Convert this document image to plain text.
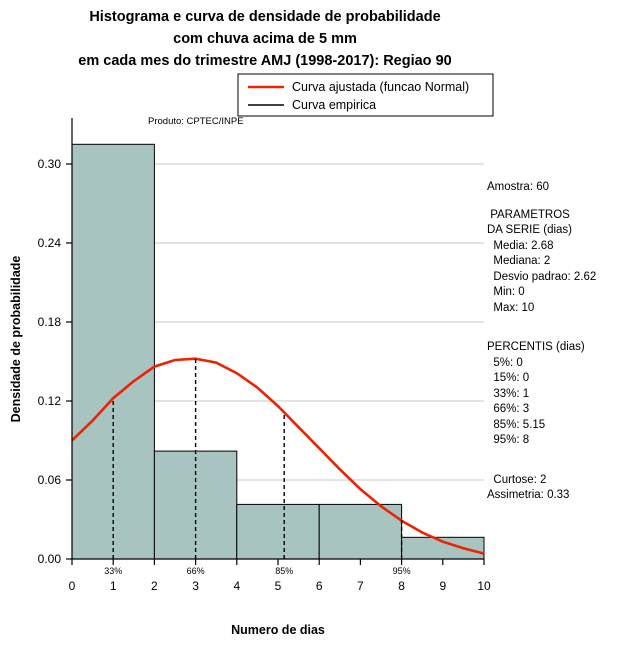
Histograma e curva de densidade de probabilidade
com chuva acima de 5 mm
em cada mes do trimestre AMJ (1998-2017): Regiao 90
33%	66%	85%	95%
0	1	2	3	4	5	6	7	8	9	10
0.00
0.06
0.12
0.18
0.24
0.30
Numero de dias
Densidade de probabilidade
Curva ajustada (funcao Normal)
Curva empirica
Produto: CPTEC/INPE
Amostra: 60
PARAMETROS
DA SERIE (dias)
Media: 2.68
Mediana: 2
Desvio padrao: 2.62
Min: 0
Max: 10
PERCENTIS (dias)
5%: 0
15%: 0
33%: 1
66%: 3
85%: 5.15
95%: 8
Curtose: 2
Assimetria: 0.33
